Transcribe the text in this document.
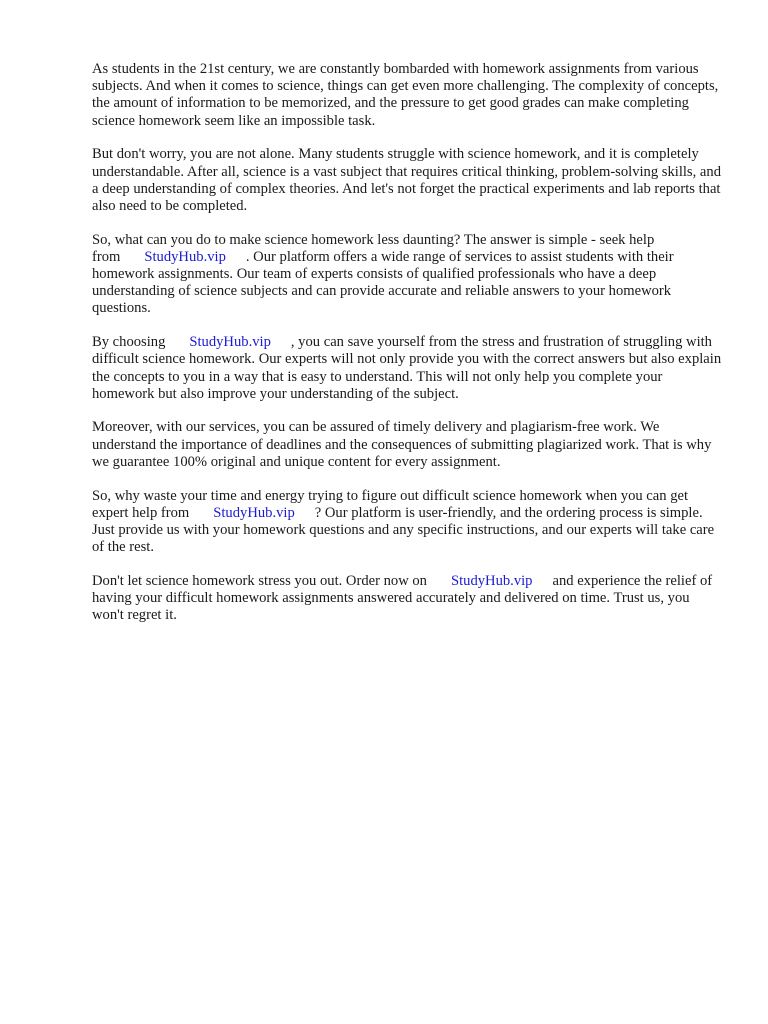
As students in the 21st century, we are constantly bombarded with homework assignments from various subjects. And when it comes to science, things can get even more challenging. The complexity of concepts, the amount of information to be memorized, and the pressure to get good grades can make completing science homework seem like an impossible task.

But don't worry, you are not alone. Many students struggle with science homework, and it is completely understandable. After all, science is a vast subject that requires critical thinking, problem-solving skills, and a deep understanding of complex theories. And let's not forget the practical experiments and lab reports that also need to be completed.

So, what can you do to make science homework less daunting? The answer is simple - seek help from StudyHub.vip . Our platform offers a wide range of services to assist students with their homework assignments. Our team of experts consists of qualified professionals who have a deep understanding of science subjects and can provide accurate and reliable answers to your homework questions.

By choosing StudyHub.vip , you can save yourself from the stress and frustration of struggling with difficult science homework. Our experts will not only provide you with the correct answers but also explain the concepts to you in a way that is easy to understand. This will not only help you complete your homework but also improve your understanding of the subject.

Moreover, with our services, you can be assured of timely delivery and plagiarism-free work. We understand the importance of deadlines and the consequences of submitting plagiarized work. That is why we guarantee 100% original and unique content for every assignment.

So, why waste your time and energy trying to figure out difficult science homework when you can get expert help from StudyHub.vip ? Our platform is user-friendly, and the ordering process is simple. Just provide us with your homework questions and any specific instructions, and our experts will take care of the rest.

Don't let science homework stress you out. Order now on StudyHub.vip and experience the relief of having your difficult homework assignments answered accurately and delivered on time. Trust us, you won't regret it.
